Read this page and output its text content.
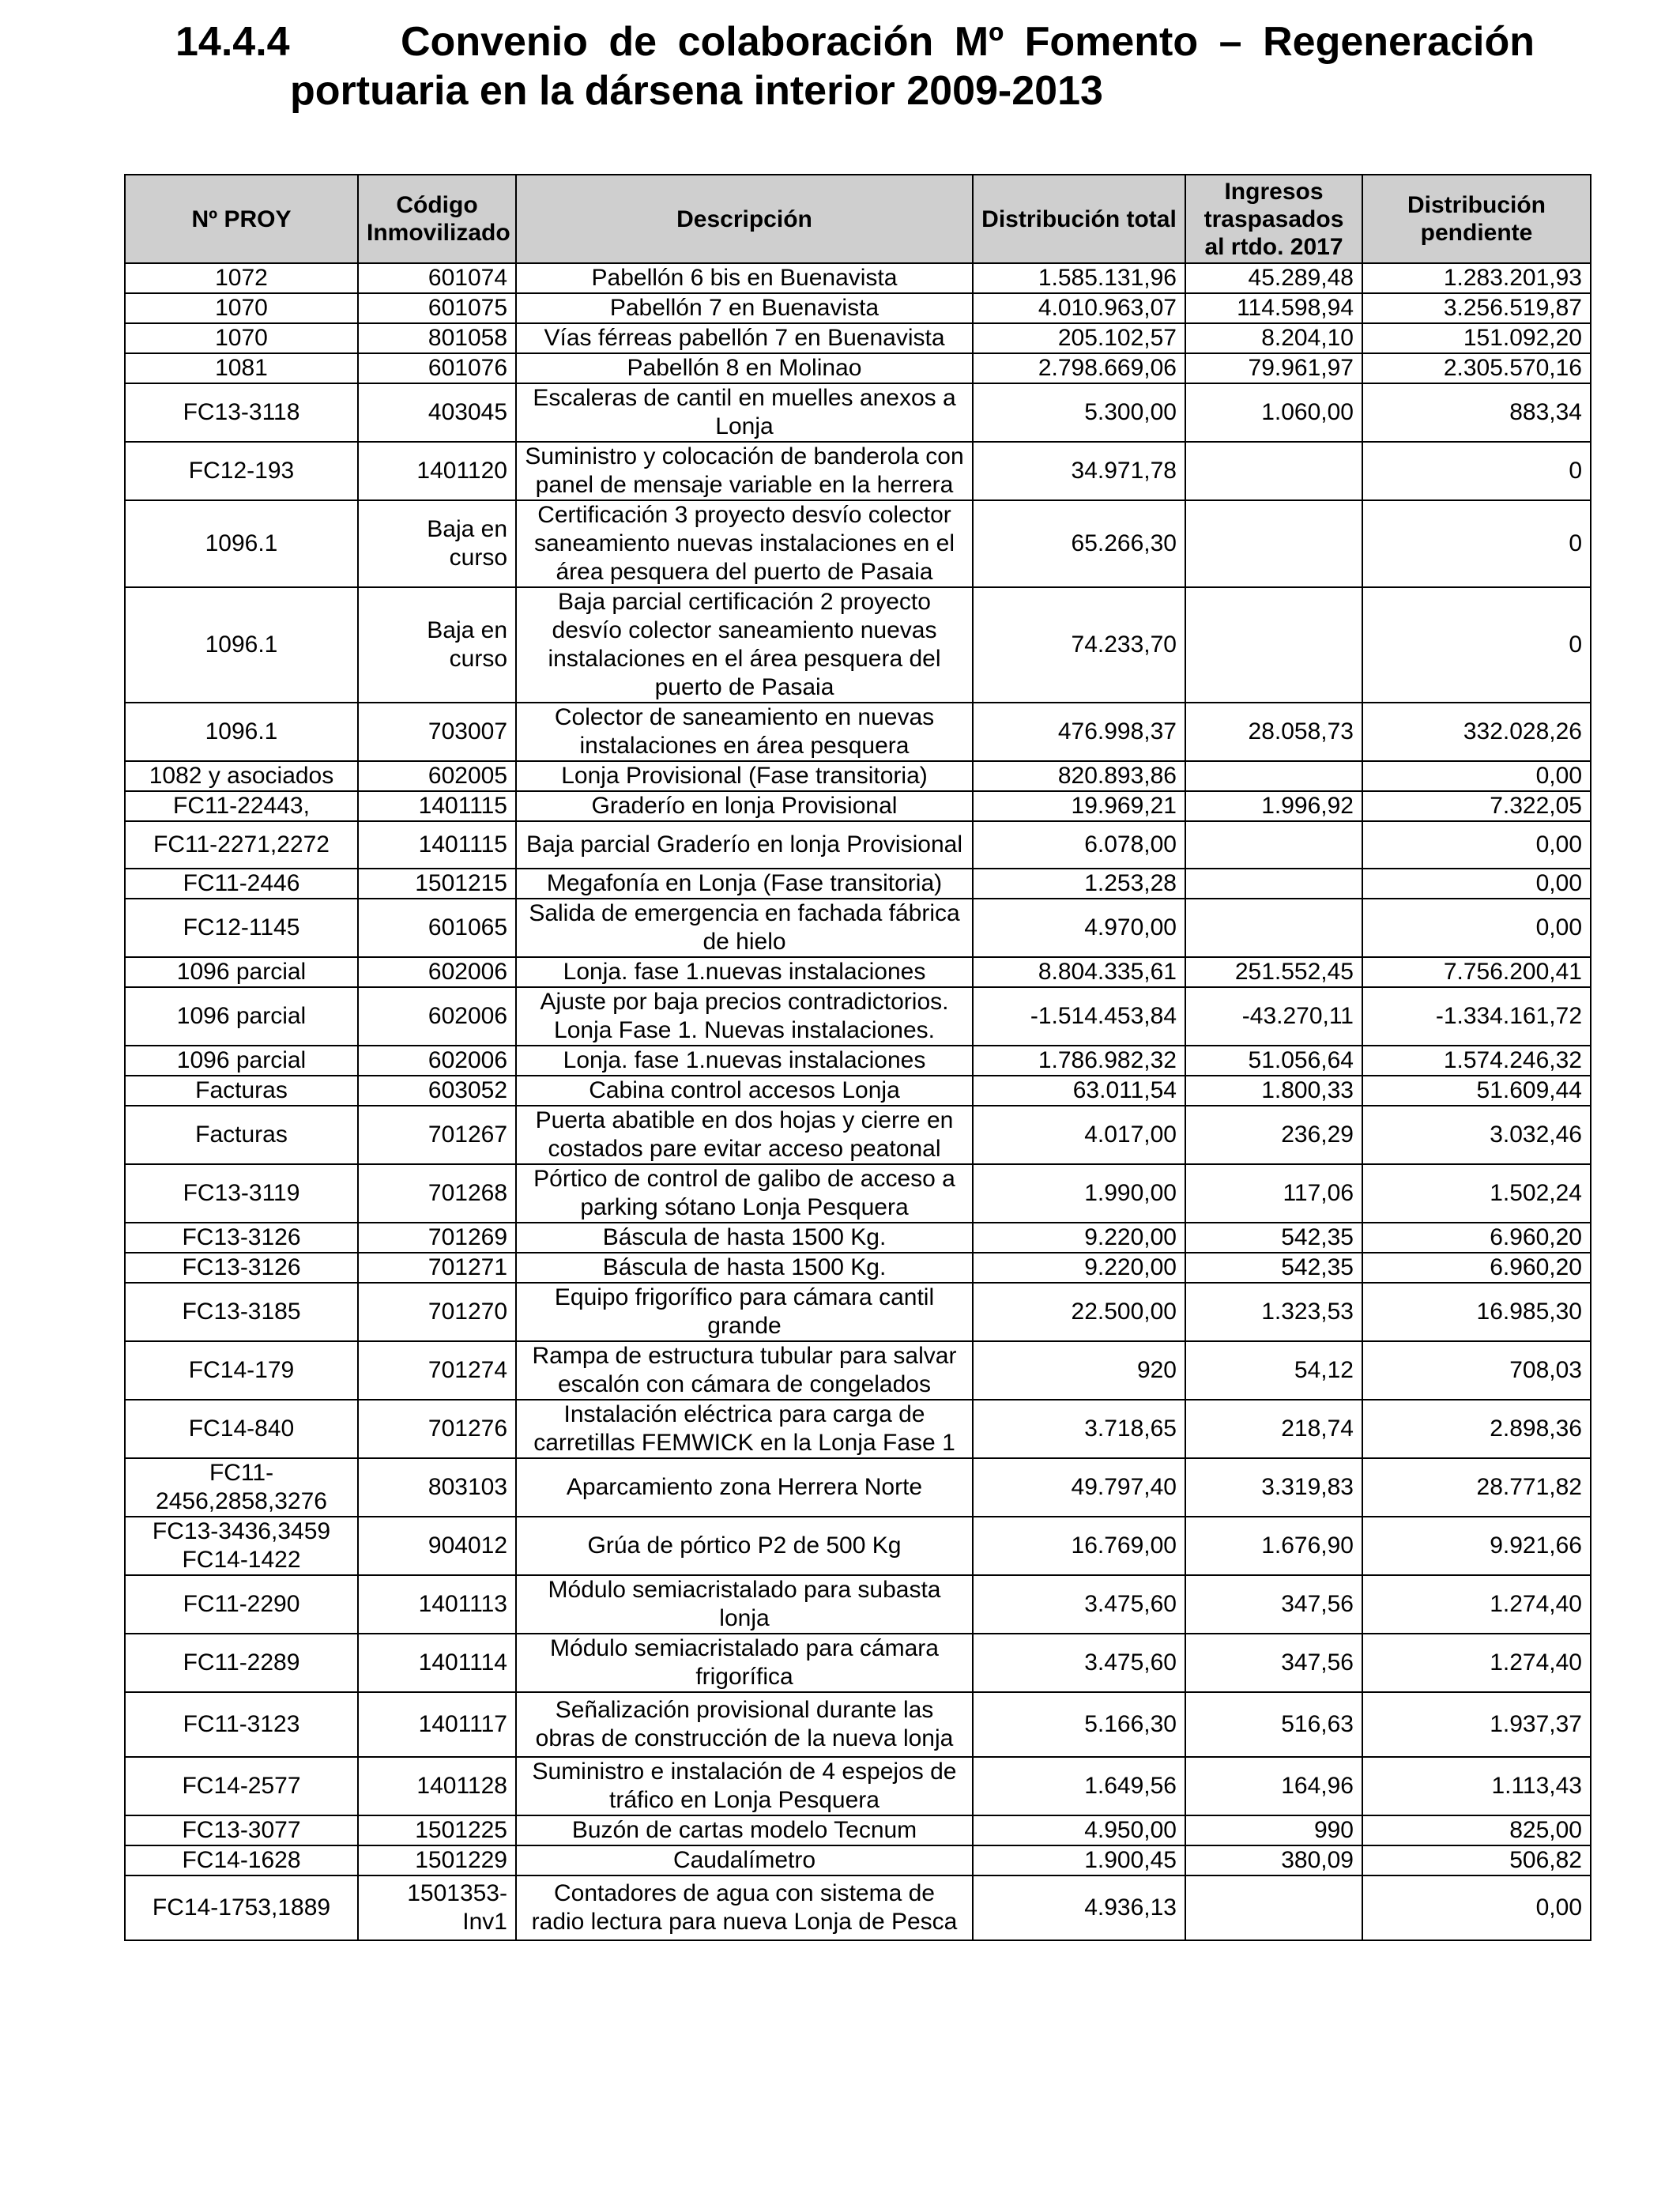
14.4.4	Convenio de colaboración Mº Fomento – Regeneración
portuaria en la dársena interior 2009-2013
Nº PROY	Código Inmovilizado	Descripción	Distribución total	Ingresos traspasados al rtdo. 2017	Distribución pendiente
1072	601074	Pabellón 6 bis en Buenavista	1.585.131,96	45.289,48	1.283.201,93
1070	601075	Pabellón 7 en Buenavista	4.010.963,07	114.598,94	3.256.519,87
1070	801058	Vías férreas pabellón 7 en Buenavista	205.102,57	8.204,10	151.092,20
1081	601076	Pabellón 8 en Molinao	2.798.669,06	79.961,97	2.305.570,16
FC13-3118	403045	Escaleras de cantil en muelles anexos a Lonja	5.300,00	1.060,00	883,34
FC12-193	1401120	Suministro y colocación de banderola con panel de mensaje variable en la herrera	34.971,78		0
1096.1	Baja en curso	Certificación 3 proyecto desvío colector saneamiento nuevas instalaciones en el área pesquera del puerto de Pasaia	65.266,30		0
1096.1	Baja en curso	Baja parcial certificación 2 proyecto desvío colector saneamiento nuevas instalaciones en el área pesquera del puerto de Pasaia	74.233,70		0
1096.1	703007	Colector de saneamiento en nuevas instalaciones en área pesquera	476.998,37	28.058,73	332.028,26
1082 y asociados	602005	Lonja Provisional (Fase transitoria)	820.893,86		0,00
FC11-22443,	1401115	Graderío en lonja Provisional	19.969,21	1.996,92	7.322,05
FC11-2271,2272	1401115	Baja parcial Graderío en lonja Provisional	6.078,00		0,00
FC11-2446	1501215	Megafonía en Lonja (Fase transitoria)	1.253,28		0,00
FC12-1145	601065	Salida de emergencia en fachada fábrica de hielo	4.970,00		0,00
1096 parcial	602006	Lonja. fase 1.nuevas instalaciones	8.804.335,61	251.552,45	7.756.200,41
1096 parcial	602006	Ajuste por baja precios contradictorios. Lonja Fase 1. Nuevas instalaciones.	-1.514.453,84	-43.270,11	-1.334.161,72
1096 parcial	602006	Lonja. fase 1.nuevas instalaciones	1.786.982,32	51.056,64	1.574.246,32
Facturas	603052	Cabina control accesos Lonja	63.011,54	1.800,33	51.609,44
Facturas	701267	Puerta abatible en dos hojas y cierre en costados pare evitar acceso peatonal	4.017,00	236,29	3.032,46
FC13-3119	701268	Pórtico de control de galibo de acceso a parking sótano Lonja Pesquera	1.990,00	117,06	1.502,24
FC13-3126	701269	Báscula de hasta 1500 Kg.	9.220,00	542,35	6.960,20
FC13-3126	701271	Báscula de hasta 1500 Kg.	9.220,00	542,35	6.960,20
FC13-3185	701270	Equipo frigorífico para cámara cantil grande	22.500,00	1.323,53	16.985,30
FC14-179	701274	Rampa de estructura tubular para salvar escalón con cámara de congelados	920	54,12	708,03
FC14-840	701276	Instalación eléctrica para carga de carretillas FEMWICK en la Lonja Fase 1	3.718,65	218,74	2.898,36
FC11-2456,2858,3276	803103	Aparcamiento zona Herrera Norte	49.797,40	3.319,83	28.771,82
FC13-3436,3459 FC14-1422	904012	Grúa de pórtico P2 de 500 Kg	16.769,00	1.676,90	9.921,66
FC11-2290	1401113	Módulo semiacristalado para subasta lonja	3.475,60	347,56	1.274,40
FC11-2289	1401114	Módulo semiacristalado para cámara frigorífica	3.475,60	347,56	1.274,40
FC11-3123	1401117	Señalización provisional durante las obras de construcción de la nueva lonja	5.166,30	516,63	1.937,37
FC14-2577	1401128	Suministro e instalación de 4 espejos de tráfico en Lonja Pesquera	1.649,56	164,96	1.113,43
FC13-3077	1501225	Buzón de cartas modelo Tecnum	4.950,00	990	825,00
FC14-1628	1501229	Caudalímetro	1.900,45	380,09	506,82
FC14-1753,1889	1501353-Inv1	Contadores de agua con sistema de radio lectura para nueva Lonja de Pesca	4.936,13		0,00
